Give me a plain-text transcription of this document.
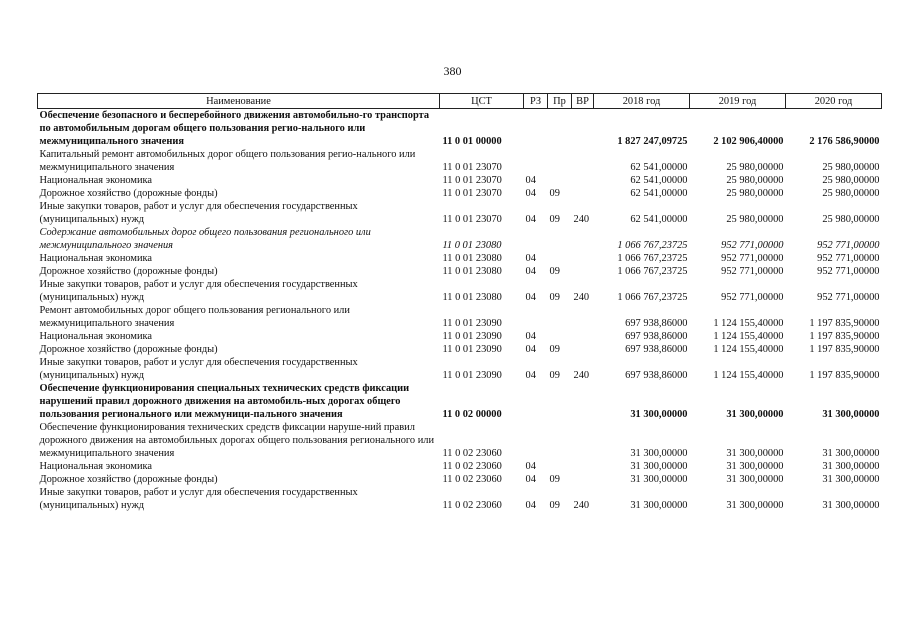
380
Наименование	ЦСТ	РЗ	Пр	ВР	2018 год	2019 год	2020 год
Обеспечение безопасного и бесперебойного движения автомобильно-го транспорта по автомобильным дорогам общего пользования регио-нального или межмуниципального значения	11 0 01 00000				1 827 247,09725	2 102 906,40000	2 176 586,90000
Капитальный ремонт автомобильных дорог общего пользования регио-нального или межмуниципального значения	11 0 01 23070				62 541,00000	25 980,00000	25 980,00000
Национальная экономика	11 0 01 23070	04			62 541,00000	25 980,00000	25 980,00000
Дорожное хозяйство (дорожные фонды)	11 0 01 23070	04	09		62 541,00000	25 980,00000	25 980,00000
Иные закупки товаров, работ и услуг для обеспечения государственных (муниципальных) нужд	11 0 01 23070	04	09	240	62 541,00000	25 980,00000	25 980,00000
Содержание автомобильных дорог общего пользования регионального или межмуниципального значения	11 0 01 23080				1 066 767,23725	952 771,00000	952 771,00000
Национальная экономика	11 0 01 23080	04			1 066 767,23725	952 771,00000	952 771,00000
Дорожное хозяйство (дорожные фонды)	11 0 01 23080	04	09		1 066 767,23725	952 771,00000	952 771,00000
Иные закупки товаров, работ и услуг для обеспечения государственных (муниципальных) нужд	11 0 01 23080	04	09	240	1 066 767,23725	952 771,00000	952 771,00000
Ремонт автомобильных дорог общего пользования регионального или межмуниципального значения	11 0 01 23090				697 938,86000	1 124 155,40000	1 197 835,90000
Национальная экономика	11 0 01 23090	04			697 938,86000	1 124 155,40000	1 197 835,90000
Дорожное хозяйство (дорожные фонды)	11 0 01 23090	04	09		697 938,86000	1 124 155,40000	1 197 835,90000
Иные закупки товаров, работ и услуг для обеспечения государственных (муниципальных) нужд	11 0 01 23090	04	09	240	697 938,86000	1 124 155,40000	1 197 835,90000
Обеспечение функционирования специальных технических средств фиксации нарушений правил дорожного движения на автомобиль-ных дорогах общего пользования регионального или межмуници-пального значения	11 0 02 00000				31 300,00000	31 300,00000	31 300,00000
Обеспечение функционирования технических средств фиксации наруше-ний правил дорожного движения на автомобильных дорогах общего пользования регионального или межмуниципального значения	11 0 02 23060				31 300,00000	31 300,00000	31 300,00000
Национальная экономика	11 0 02 23060	04			31 300,00000	31 300,00000	31 300,00000
Дорожное хозяйство (дорожные фонды)	11 0 02 23060	04	09		31 300,00000	31 300,00000	31 300,00000
Иные закупки товаров, работ и услуг для обеспечения государственных (муниципальных) нужд	11 0 02 23060	04	09	240	31 300,00000	31 300,00000	31 300,00000
